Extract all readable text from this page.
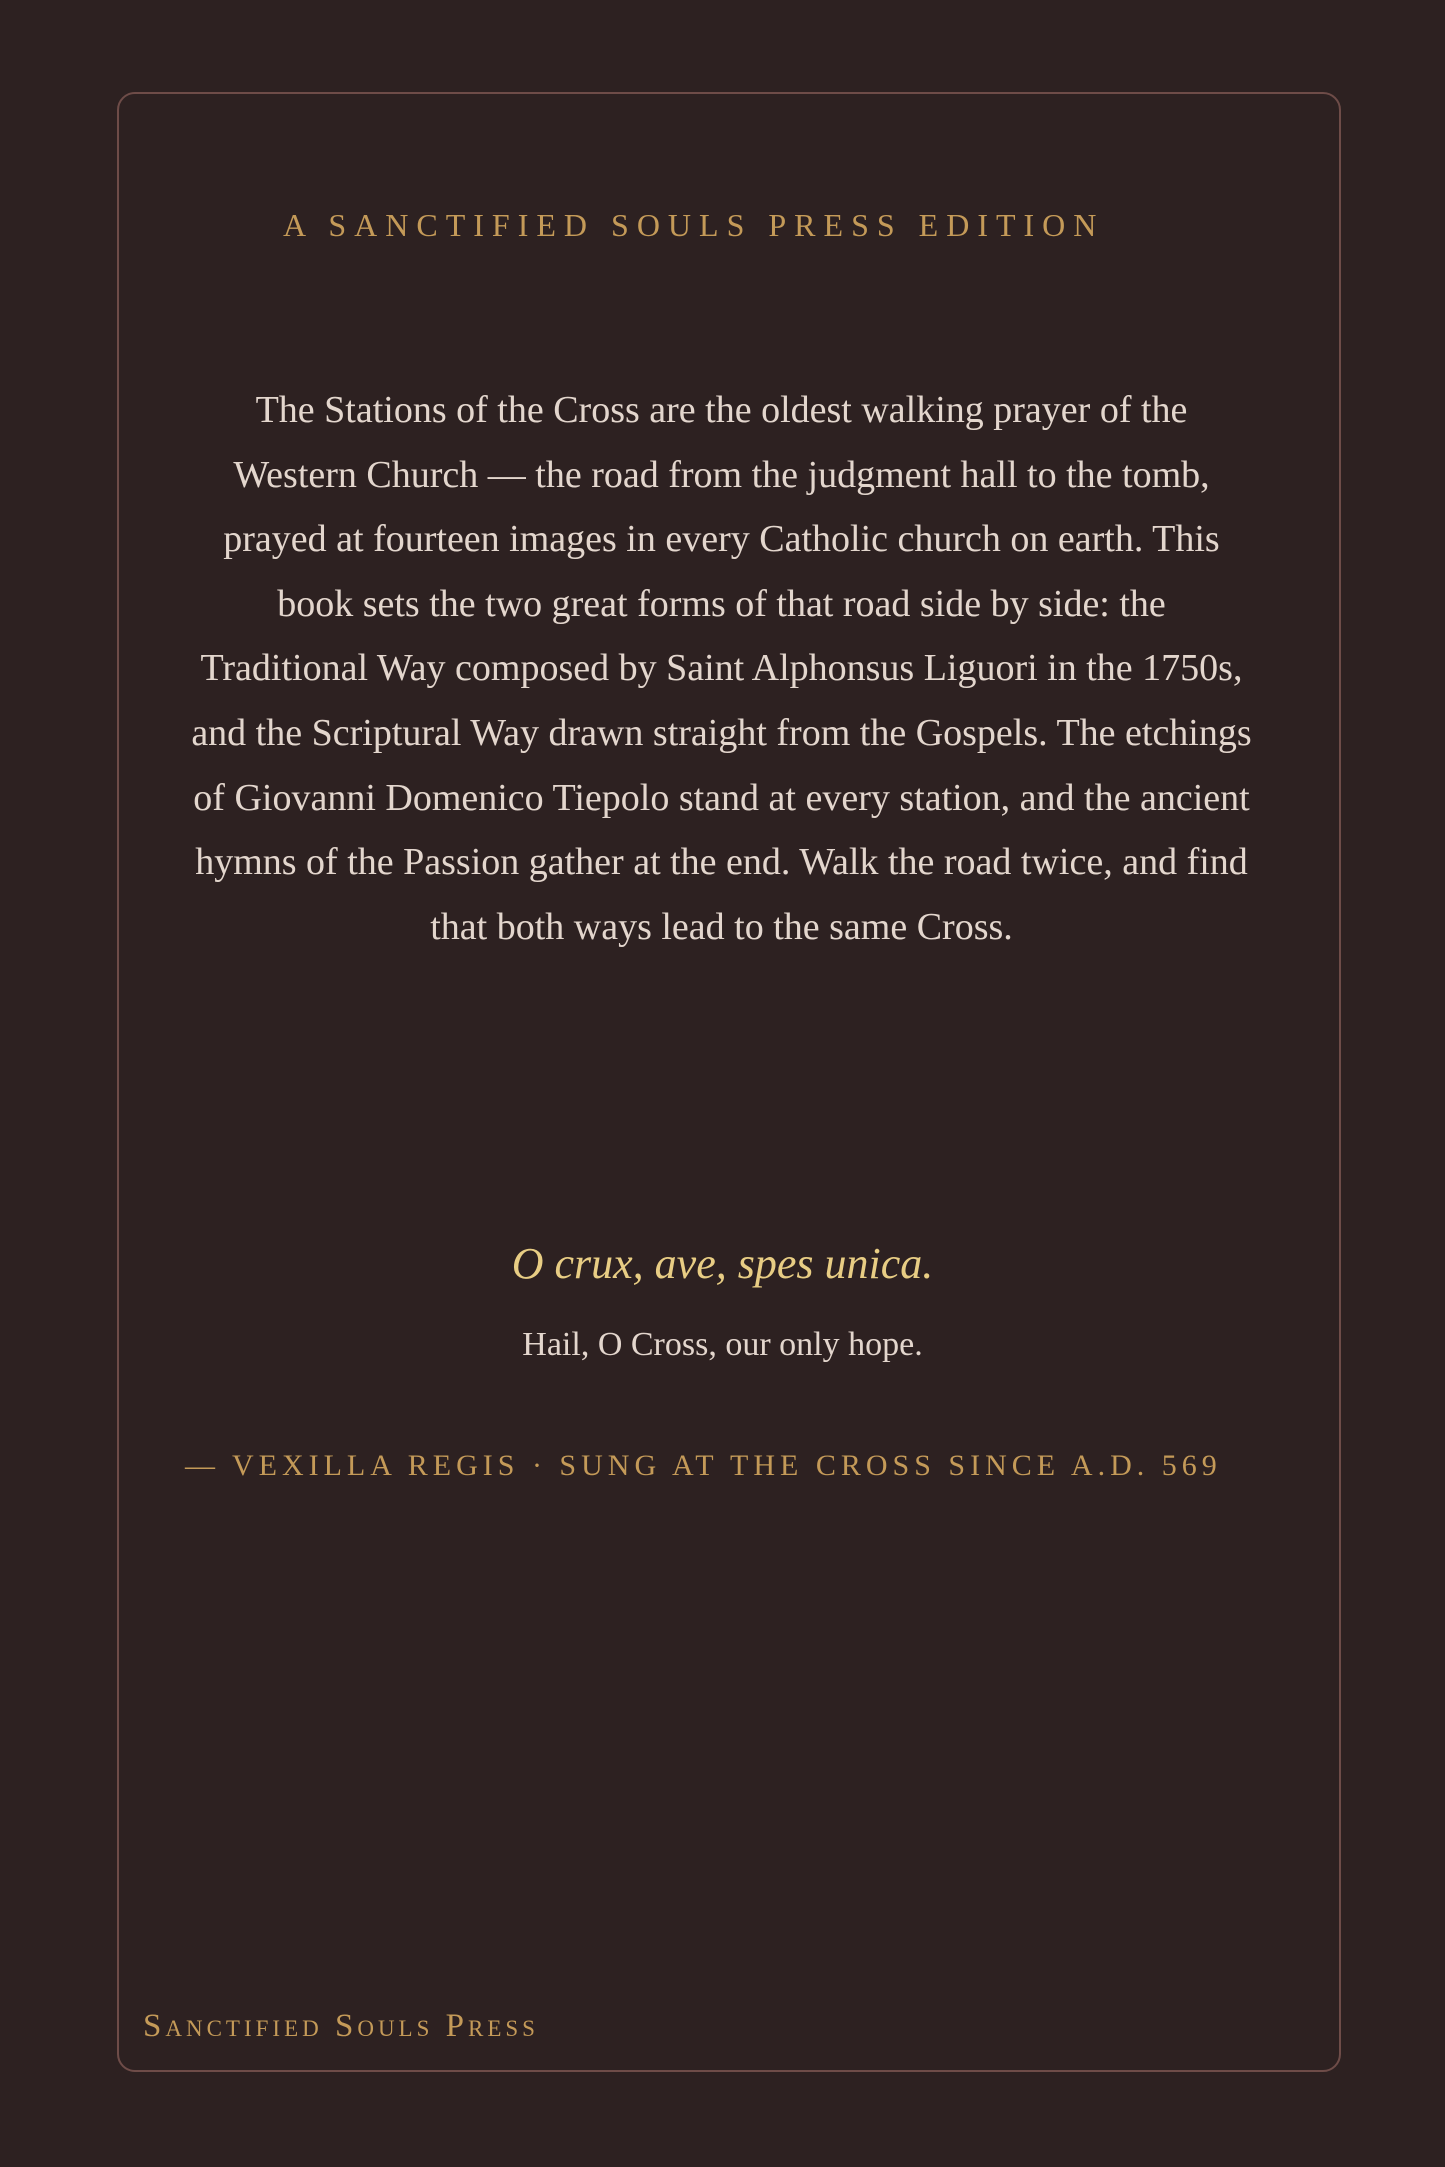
A SANCTIFIED SOULS PRESS EDITION

The Stations of the Cross are the oldest walking prayer of the Western Church — the road from the judgment hall to the tomb, prayed at fourteen images in every Catholic church on earth. This book sets the two great forms of that road side by side: the Traditional Way composed by Saint Alphonsus Liguori in the 1750s, and the Scriptural Way drawn straight from the Gospels. The etchings of Giovanni Domenico Tiepolo stand at every station, and the ancient hymns of the Passion gather at the end. Walk the road twice, and find that both ways lead to the same Cross.

O crux, ave, spes unica.

Hail, O Cross, our only hope.

— VEXILLA REGIS · SUNG AT THE CROSS SINCE A.D. 569

Sanctified Souls Press
